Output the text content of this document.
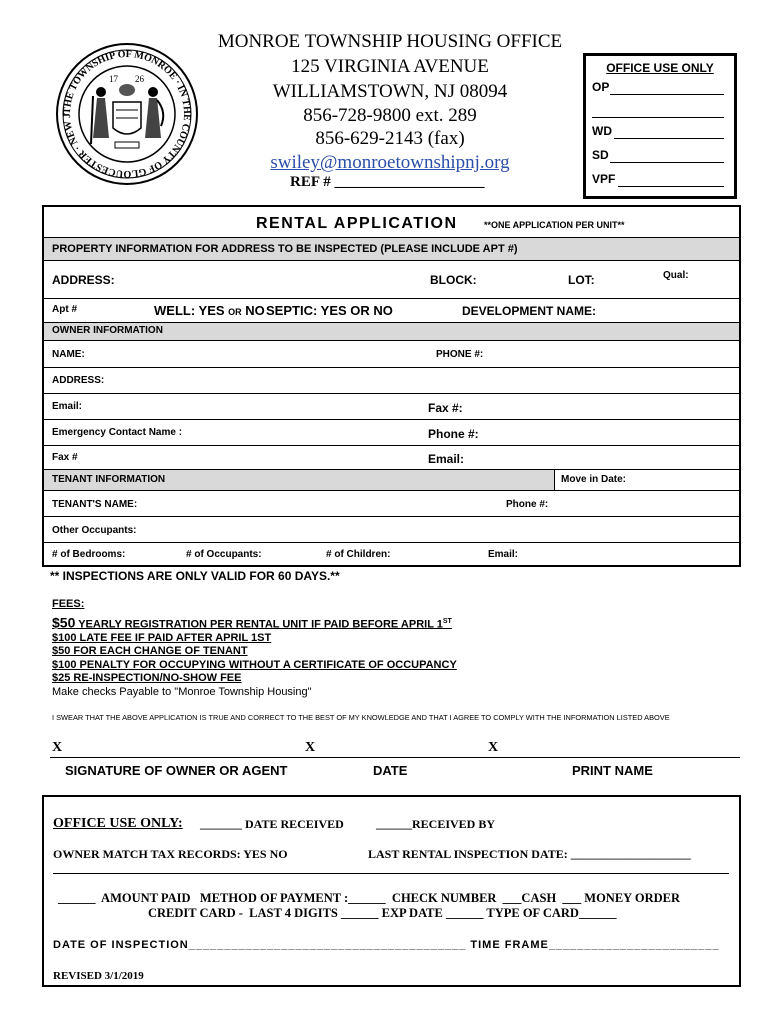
THE TOWNSHIP OF MONROE · IN THE COUNTY OF GLOUCESTER · NEW J
17 26
MONROE TOWNSHIP HOUSING OFFICE
125 VIRGINIA AVENUE
WILLIAMSTOWN, NJ 08094
856-728-9800 ext. 289
856-629-2143 (fax)
swiley@monroetownshipnj.org
REF # ____________________
OFFICE USE ONLY
OP
WD
SD
VPF
RENTAL APPLICATION	**ONE APPLICATION PER UNIT**
PROPERTY INFORMATION FOR ADDRESS TO BE INSPECTED (PLEASE INCLUDE APT #)
ADDRESS:	BLOCK:	LOT:	Qual:
Apt #	WELL: YES OR NO SEPTIC: YES OR NO	DEVELOPMENT NAME:
OWNER INFORMATION
NAME:	PHONE #:
ADDRESS:
Email:	Fax #:
Emergency Contact Name :	Phone #:
Fax #	Email:
TENANT INFORMATION	Move in Date:
TENANT'S NAME:	Phone #:
Other Occupants:
# of Bedrooms:	# of Occupants:	# of Children:	Email:
** INSPECTIONS ARE ONLY VALID FOR 60 DAYS.**
FEES:
$50 YEARLY REGISTRATION PER RENTAL UNIT IF PAID BEFORE APRIL 1ST
$100 LATE FEE IF PAID AFTER APRIL 1ST
$50 FOR EACH CHANGE OF TENANT
$100 PENALTY FOR OCCUPYING WITHOUT A CERTIFICATE OF OCCUPANCY
$25 RE-INSPECTION/NO-SHOW FEE
Make checks Payable to "Monroe Township Housing"
I SWEAR THAT THE ABOVE APPLICATION IS TRUE AND CORRECT TO THE BEST OF MY KNOWLEDGE AND THAT I AGREE TO COMPLY WITH THE INFORMATION LISTED ABOVE
X	X	X
SIGNATURE OF OWNER OR AGENT	DATE	PRINT NAME
OFFICE USE ONLY: _______ DATE RECEIVED	______RECEIVED BY
OWNER MATCH TAX RECORDS: YES NO	LAST RENTAL INSPECTION DATE: ____________________
______  AMOUNT PAID   METHOD OF PAYMENT :______  CHECK NUMBER  ___CASH  ___ MONEY ORDER
CREDIT CARD -  LAST 4 DIGITS ______ EXP DATE ______ TYPE OF CARD______
DATE OF INSPECTION_______________________________________ TIME FRAME________________________
REVISED 3/1/2019
